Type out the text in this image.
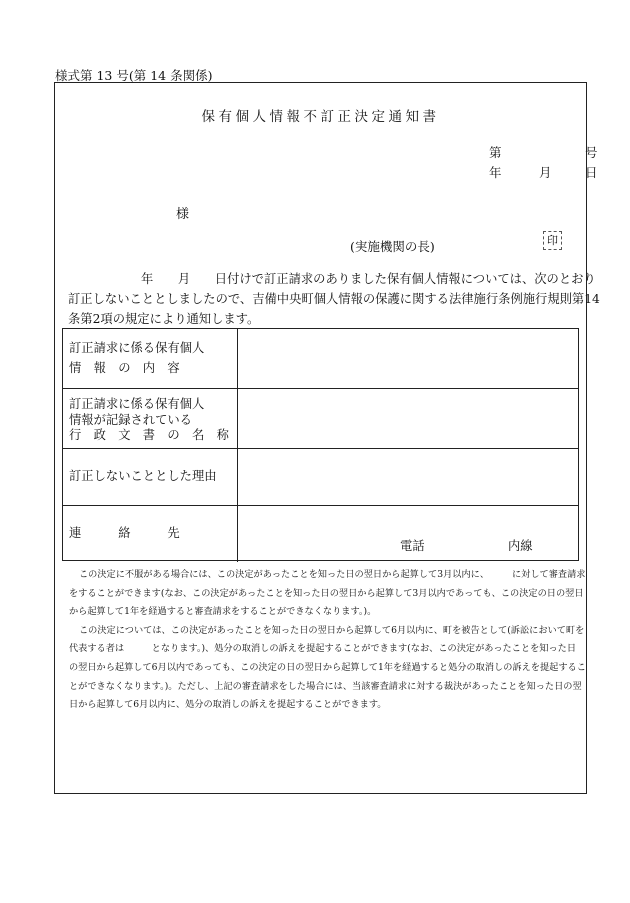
様式第 13 号(第 14 条関係)
保有個人情報不訂正決定通知書
第	号
年	月	日
様
(実施機関の長)	印
年　　月　　日付けで訂正請求のありました保有個人情報については、次のとおり
訂正しないこととしましたので、吉備中央町個人情報の保護に関する法律施行条例施行規則第14
条第2項の規定により通知します。
訂正請求に係る保有個人
情　報　の　内　容
訂正請求に係る保有個人
情報が記録されている
行　政　文　書　の　名　称
訂正しないこととした理由
連　　　絡　　　先
電話	内線
この決定に不服がある場合には、この決定があったことを知った日の翌日から起算して3月以内に、　　　に対して審査請求
をすることができます(なお、この決定があったことを知った日の翌日から起算して3月以内であっても、この決定の日の翌日
から起算して1年を経過すると審査請求をすることができなくなります。)。
この決定については、この決定があったことを知った日の翌日から起算して6月以内に、町を被告として(訴訟において町を
代表する者は　　　となります。)、処分の取消しの訴えを提起することができます(なお、この決定があったことを知った日
の翌日から起算して6月以内であっても、この決定の日の翌日から起算して1年を経過すると処分の取消しの訴えを提起するこ
とができなくなります。)。ただし、上記の審査請求をした場合には、当該審査請求に対する裁決があったことを知った日の翌
日から起算して6月以内に、処分の取消しの訴えを提起することができます。
